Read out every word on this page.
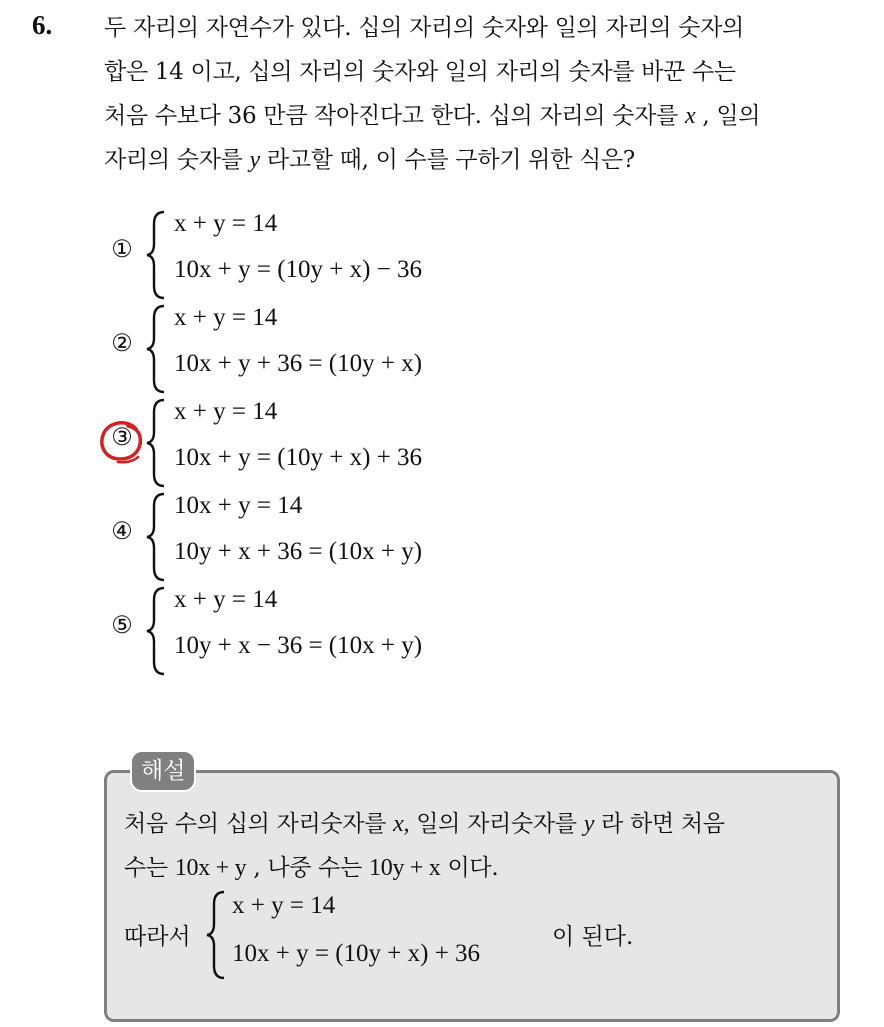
6. 두 자리의 자연수가 있다. 십의 자리의 숫자와 일의 자리의 숫자의
합은 14 이고, 십의 자리의 숫자와 일의 자리의 숫자를 바꾼 수는
처음 수보다 36 만큼 작아진다고 한다. 십의 자리의 숫자를 x , 일의
자리의 숫자를 y 라고할 때, 이 수를 구하기 위한 식은?

①
x + y = 14
10x + y = (10y + x) − 36
②
x + y = 14
10x + y + 36 = (10y + x)
③
x + y = 14
10x + y = (10y + x) + 36
④
10x + y = 14
10y + x + 36 = (10x + y)
⑤
x + y = 14
10y + x − 36 = (10x + y)
해설

처음 수의 십의 자리숫자를 x, 일의 자리숫자를 y 라 하면 처음
수는 10x + y , 나중 수는 10y + x 이다.

따라서
x + y = 14
10x + y = (10y + x) + 36
이 된다.
